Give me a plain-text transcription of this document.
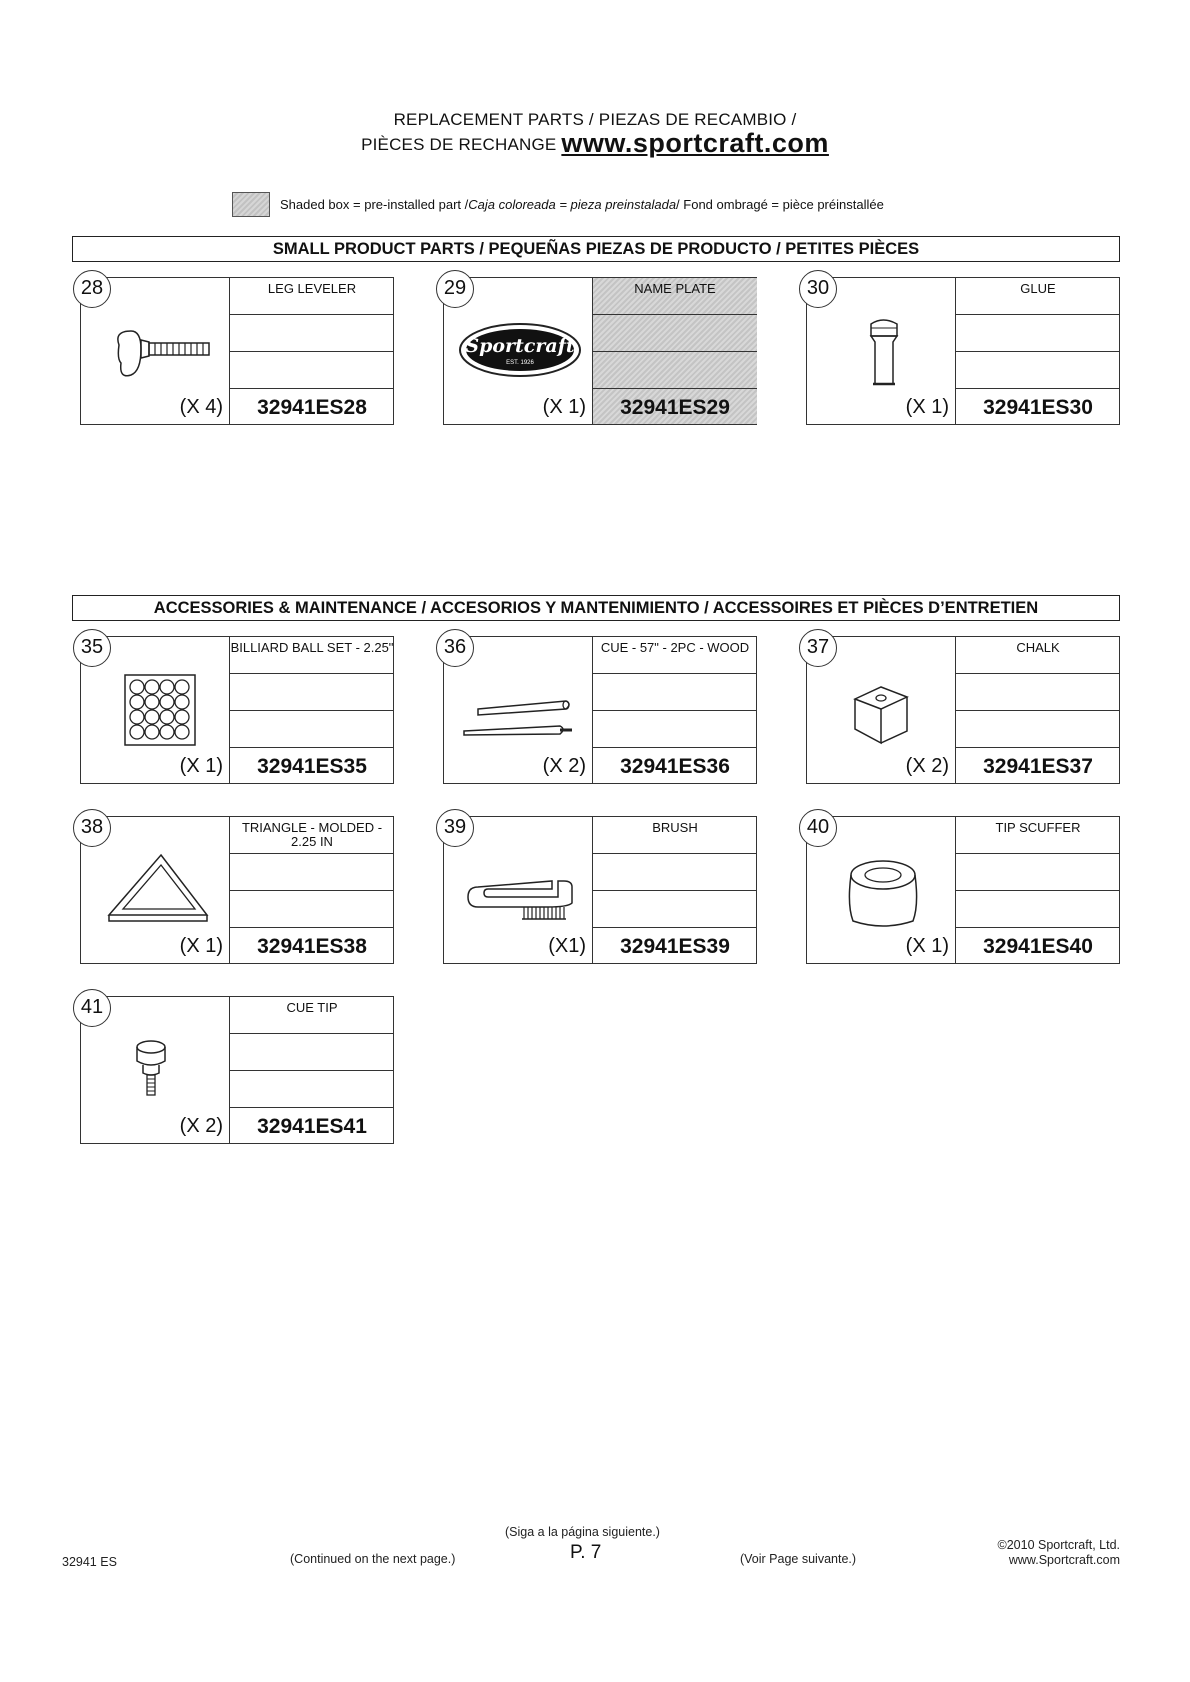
REPLACEMENT PARTS / PIEZAS DE RECAMBIO /
PIÈCES DE RECHANGE www.sportcraft.com
Shaded box = pre-installed part / Caja coloreada = pieza preinstalada / Fond ombragé = pièce préinstallée
SMALL PRODUCT PARTS / PEQUEÑAS PIEZAS DE PRODUCTO / PETITES PIÈCES
ACCESSORIES & MAINTENANCE / ACCESORIOS Y MANTENIMIENTO / ACCESSOIRES ET PIÈCES D’ENTRETIEN
28
(X 4)
LEG LEVELER
32941ES28
29
Sportcraft
EST. 1926
(X 1)
NAME PLATE
32941ES29
30
(X 1)
GLUE
32941ES30
35
(X 1)
BILLIARD BALL SET - 2.25"
32941ES35
36
(X 2)
CUE - 57" - 2PC - WOOD
32941ES36
37
(X 2)
CHALK
32941ES37
38
(X 1)
TRIANGLE - MOLDED - 2.25 IN
32941ES38
39
(X1)
BRUSH
32941ES39
40
(X 1)
TIP SCUFFER
32941ES40
41
(X 2)
CUE TIP
32941ES41
32941 ES	(Continued on the next page.)
(Siga a la página siguiente.)
P. 7	(Voir Page suivante.)
©2010 Sportcraft, Ltd.
www.Sportcraft.com
